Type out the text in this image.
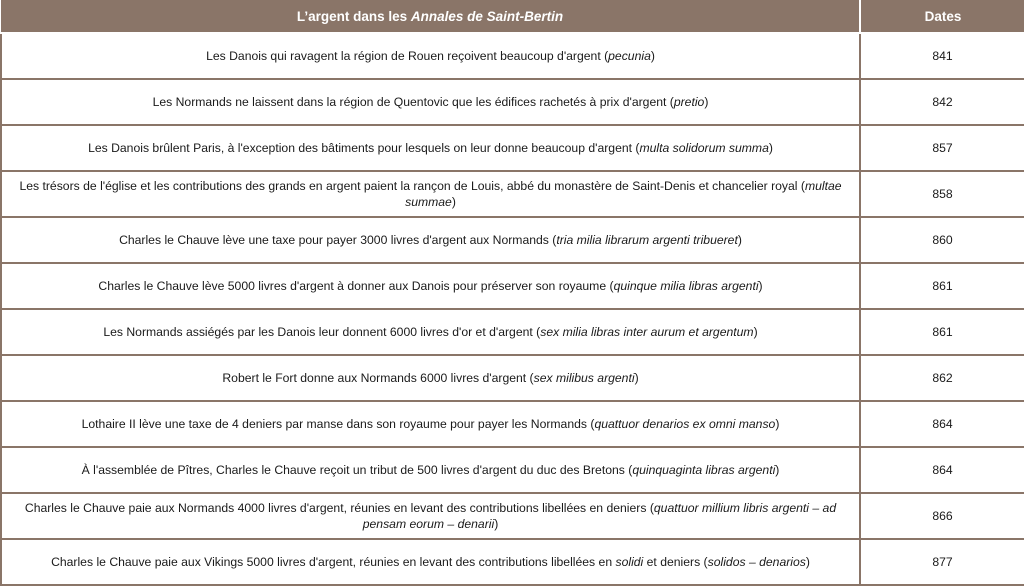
L’argent dans les Annales de Saint-Bertin	Dates
Les Danois qui ravagent la région de Rouen reçoivent beaucoup d'argent (pecunia)	841
Les Normands ne laissent dans la région de Quentovic que les édifices rachetés à prix d'argent (pretio)	842
Les Danois brûlent Paris, à l'exception des bâtiments pour lesquels on leur donne beaucoup d'argent (multa solidorum summa)	857
Les trésors de l'église et les contributions des grands en argent paient la rançon de Louis, abbé du monastère de Saint-Denis et chancelier royal (multae summae)	858
Charles le Chauve lève une taxe pour payer 3000 livres d'argent aux Normands (tria milia librarum argenti tribueret)	860
Charles le Chauve lève 5000 livres d'argent à donner aux Danois pour préserver son royaume (quinque milia libras argenti)	861
Les Normands assiégés par les Danois leur donnent 6000 livres d'or et d'argent (sex milia libras inter aurum et argentum)	861
Robert le Fort donne aux Normands 6000 livres d'argent (sex milibus argenti)	862
Lothaire II lève une taxe de 4 deniers par manse dans son royaume pour payer les Normands (quattuor denarios ex omni manso)	864
À l'assemblée de Pîtres, Charles le Chauve reçoit un tribut de 500 livres d'argent du duc des Bretons (quinquaginta libras argenti)	864
Charles le Chauve paie aux Normands 4000 livres d'argent, réunies en levant des contributions libellées en deniers (quattuor millium libris argenti – ad pensam eorum – denarii)	866
Charles le Chauve paie aux Vikings 5000 livres d'argent, réunies en levant des contributions libellées en solidi et deniers (solidos – denarios)	877
